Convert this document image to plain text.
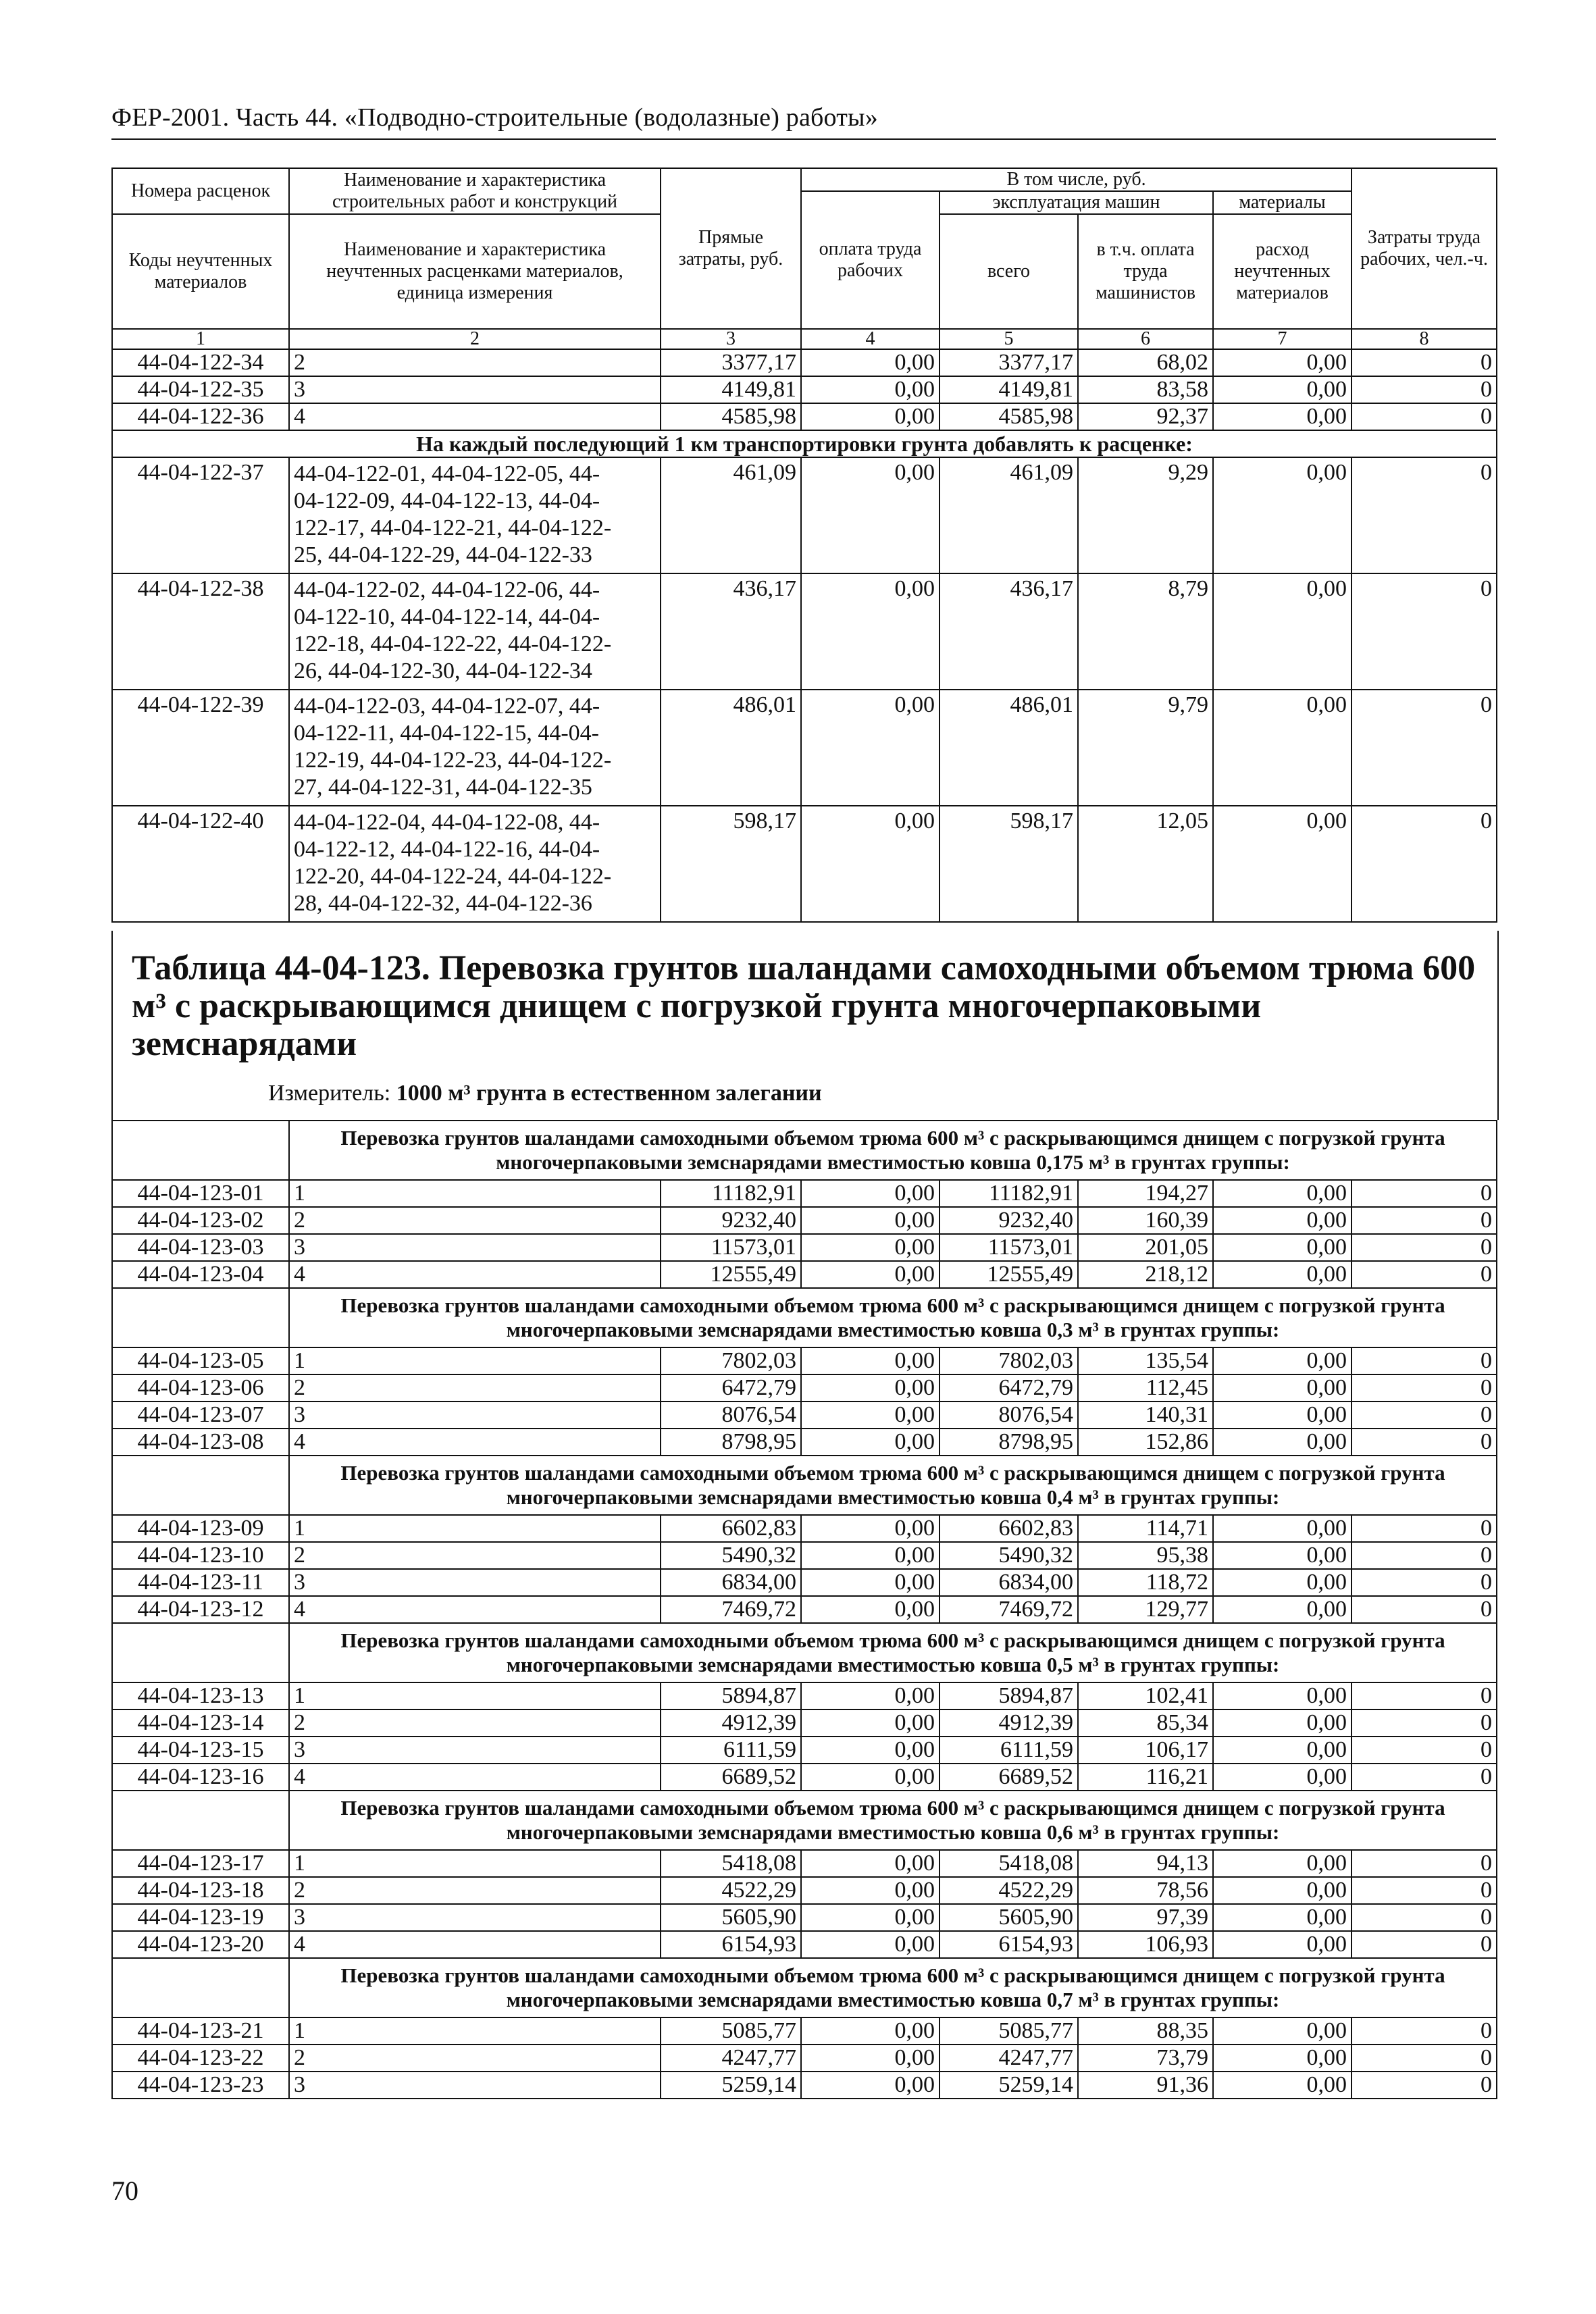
ФЕР-2001. Часть 44. «Подводно-строительные (водолазные) работы»
Номера расценок	Наименование и характеристика строительных работ и конструкций	Прямые затраты, руб.	В том числе, руб.				Затраты труда рабочих, чел.-ч.
			оплата труда рабочих	эксплуатация машин		материалы	
Коды неучтенных материалов	Наименование и характеристика неучтенных расценками материалов, единица измерения			всего	в т.ч. оплата труда машинистов	расход неучтенных материалов	
1	2	3	4	5	6	7	8
44-04-122-34	2	3377,17	0,00	3377,17	68,02	0,00	0
44-04-122-35	3	4149,81	0,00	4149,81	83,58	0,00	0
44-04-122-36	4	4585,98	0,00	4585,98	92,37	0,00	0
На каждый последующий 1 км транспортировки грунта добавлять к расценке:							
44-04-122-37	44-04-122-01, 44-04-122-05, 44-
04-122-09, 44-04-122-13, 44-04-
122-17, 44-04-122-21, 44-04-122-
25, 44-04-122-29, 44-04-122-33	461,09	0,00	461,09	9,29	0,00	0
44-04-122-38	44-04-122-02, 44-04-122-06, 44-
04-122-10, 44-04-122-14, 44-04-
122-18, 44-04-122-22, 44-04-122-
26, 44-04-122-30, 44-04-122-34	436,17	0,00	436,17	8,79	0,00	0
44-04-122-39	44-04-122-03, 44-04-122-07, 44-
04-122-11, 44-04-122-15, 44-04-
122-19, 44-04-122-23, 44-04-122-
27, 44-04-122-31, 44-04-122-35	486,01	0,00	486,01	9,79	0,00	0
44-04-122-40	44-04-122-04, 44-04-122-08, 44-
04-122-12, 44-04-122-16, 44-04-
122-20, 44-04-122-24, 44-04-122-
28, 44-04-122-32, 44-04-122-36	598,17	0,00	598,17	12,05	0,00	0
Таблица 44-04-123. Перевозка грунтов шаландами самоходными объемом трюма 600 м³ с раскрывающимся днищем с погрузкой грунта многочерпаковыми земснарядами
Измеритель: 1000 м³ грунта в естественном залегании
	Перевозка грунтов шаландами самоходными объемом трюма 600 м³ с раскрывающимся днищем с погрузкой грунта многочерпаковыми земснарядами вместимостью ковша 0,175 м³ в грунтах группы:						
44-04-123-01	1	11182,91	0,00	11182,91	194,27	0,00	0
44-04-123-02	2	9232,40	0,00	9232,40	160,39	0,00	0
44-04-123-03	3	11573,01	0,00	11573,01	201,05	0,00	0
44-04-123-04	4	12555,49	0,00	12555,49	218,12	0,00	0
	Перевозка грунтов шаландами самоходными объемом трюма 600 м³ с раскрывающимся днищем с погрузкой грунта многочерпаковыми земснарядами вместимостью ковша 0,3 м³ в грунтах группы:						
44-04-123-05	1	7802,03	0,00	7802,03	135,54	0,00	0
44-04-123-06	2	6472,79	0,00	6472,79	112,45	0,00	0
44-04-123-07	3	8076,54	0,00	8076,54	140,31	0,00	0
44-04-123-08	4	8798,95	0,00	8798,95	152,86	0,00	0
	Перевозка грунтов шаландами самоходными объемом трюма 600 м³ с раскрывающимся днищем с погрузкой грунта многочерпаковыми земснарядами вместимостью ковша 0,4 м³ в грунтах группы:						
44-04-123-09	1	6602,83	0,00	6602,83	114,71	0,00	0
44-04-123-10	2	5490,32	0,00	5490,32	95,38	0,00	0
44-04-123-11	3	6834,00	0,00	6834,00	118,72	0,00	0
44-04-123-12	4	7469,72	0,00	7469,72	129,77	0,00	0
	Перевозка грунтов шаландами самоходными объемом трюма 600 м³ с раскрывающимся днищем с погрузкой грунта многочерпаковыми земснарядами вместимостью ковша 0,5 м³ в грунтах группы:						
44-04-123-13	1	5894,87	0,00	5894,87	102,41	0,00	0
44-04-123-14	2	4912,39	0,00	4912,39	85,34	0,00	0
44-04-123-15	3	6111,59	0,00	6111,59	106,17	0,00	0
44-04-123-16	4	6689,52	0,00	6689,52	116,21	0,00	0
	Перевозка грунтов шаландами самоходными объемом трюма 600 м³ с раскрывающимся днищем с погрузкой грунта многочерпаковыми земснарядами вместимостью ковша 0,6 м³ в грунтах группы:						
44-04-123-17	1	5418,08	0,00	5418,08	94,13	0,00	0
44-04-123-18	2	4522,29	0,00	4522,29	78,56	0,00	0
44-04-123-19	3	5605,90	0,00	5605,90	97,39	0,00	0
44-04-123-20	4	6154,93	0,00	6154,93	106,93	0,00	0
	Перевозка грунтов шаландами самоходными объемом трюма 600 м³ с раскрывающимся днищем с погрузкой грунта многочерпаковыми земснарядами вместимостью ковша 0,7 м³ в грунтах группы:						
44-04-123-21	1	5085,77	0,00	5085,77	88,35	0,00	0
44-04-123-22	2	4247,77	0,00	4247,77	73,79	0,00	0
44-04-123-23	3	5259,14	0,00	5259,14	91,36	0,00	0
70
